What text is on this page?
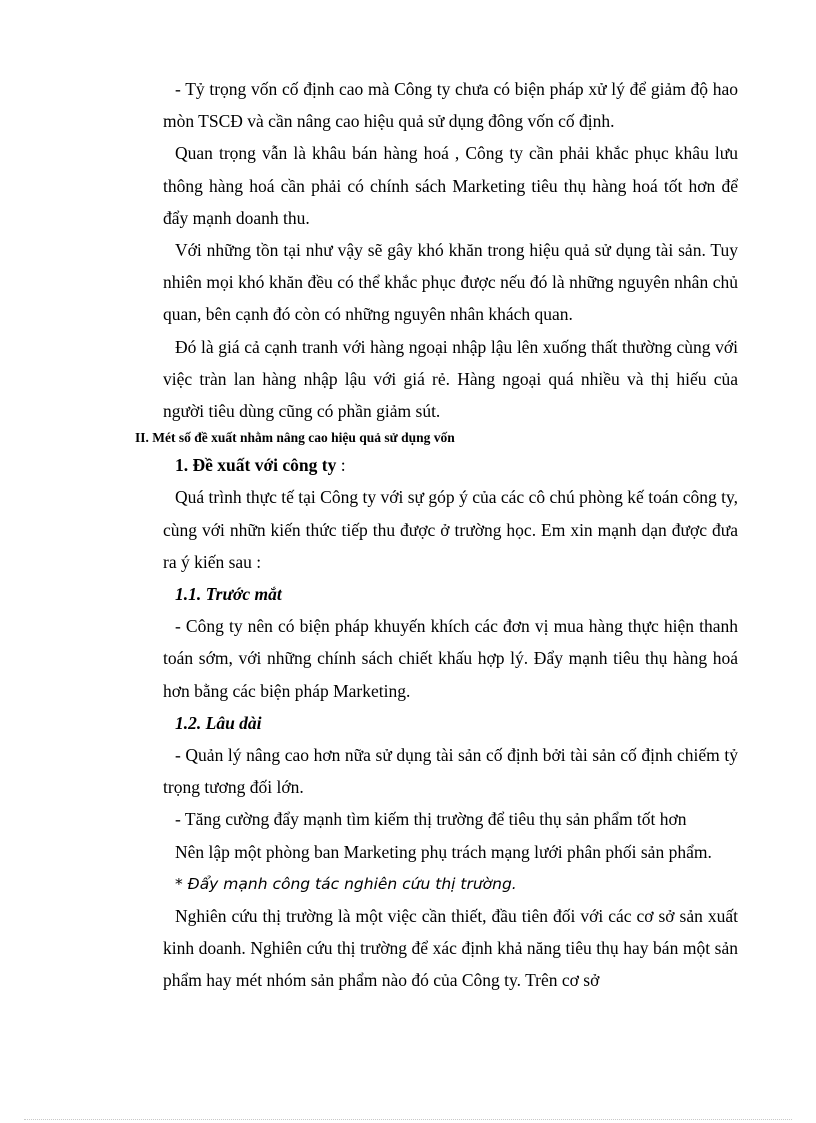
- Tỷ trọng vốn cố định cao mà Công ty chưa có biện pháp xử lý để giảm độ hao mòn TSCĐ và cần nâng cao hiệu quả sử dụng đông vốn cố định.

Quan trọng vẫn là khâu bán hàng hoá , Công ty cần phải khắc phục khâu lưu thông hàng hoá cần phải có chính sách Marketing tiêu thụ hàng hoá tốt hơn để đẩy mạnh doanh thu.

Với những tồn tại như vậy sẽ gây khó khăn trong hiệu quả sử dụng tài sản. Tuy nhiên mọi khó khăn đều có thể khắc phục được nếu đó là những nguyên nhân chủ quan, bên cạnh đó còn có những nguyên nhân khách quan.

Đó là giá cả cạnh tranh với hàng ngoại nhập lậu lên xuống thất thường cùng với việc tràn lan hàng nhập lậu với giá rẻ. Hàng ngoại quá nhiều và thị hiếu của người tiêu dùng cũng có phần giảm sút.

II. Mét số đề xuất nhằm nâng cao hiệu quả sử dụng vốn

1. Đề xuất với công ty :

Quá trình thực tế tại Công ty với sự góp ý của các cô chú phòng kế toán công ty, cùng với nhữn kiến thức tiếp thu được ở trường học. Em xin mạnh dạn được đưa ra ý kiến sau :

1.1. Trước mắt

- Công ty nên có biện pháp khuyến khích các đơn vị mua hàng thực hiện thanh toán sớm, với những chính sách chiết khấu hợp lý. Đẩy mạnh tiêu thụ hàng hoá hơn bằng các biện pháp Marketing.

1.2. Lâu dài

- Quản lý nâng cao hơn nữa sử dụng tài sản cố định bởi tài sản cố định chiếm tỷ trọng tương đối lớn.

- Tăng cường đẩy mạnh tìm kiếm thị trường để tiêu thụ sản phẩm tốt hơn

Nên lập một phòng ban Marketing phụ trách mạng lưới phân phối sản phẩm.

* Đẩy mạnh công tác nghiên cứu thị trường.

Nghiên cứu thị trường là một việc cần thiết, đầu tiên đối với các cơ sở sản xuất kinh doanh. Nghiên cứu thị trường để xác định khả năng tiêu thụ hay bán một sản phẩm hay mét nhóm sản phẩm nào đó của Công ty. Trên cơ sở
